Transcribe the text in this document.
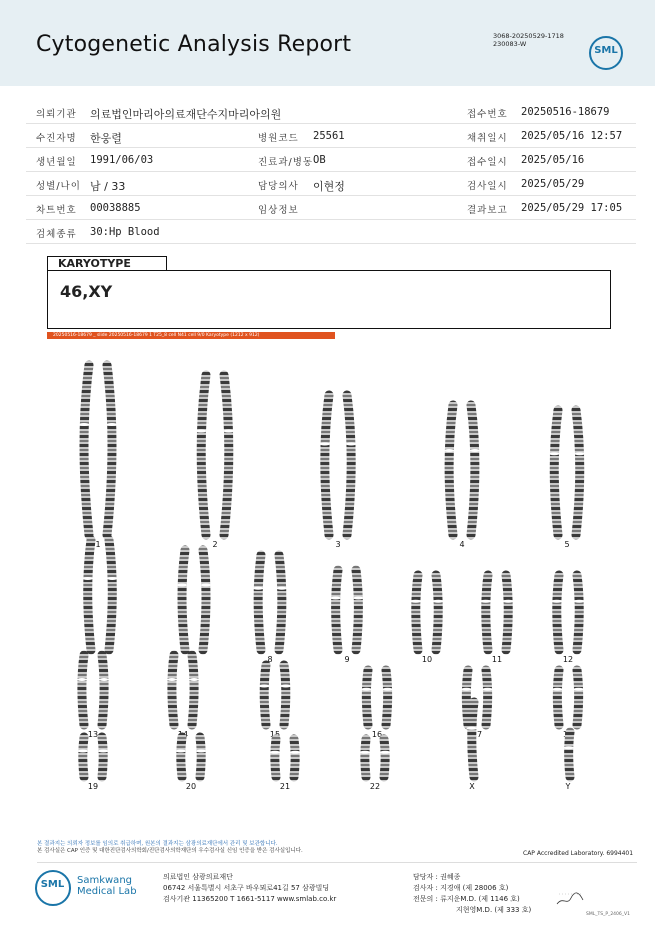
Cytogenetic Analysis Report	3068-20250529-1718
230083-W
SML
의뢰기관 의료법인마리아의료재단수지마리아의원	접수번호 20250516-18679
수진자명 한웅렬	병원코드 25561	채취일시 2025/05/16 12:57
생년월일 1991/06/03	진료과/병동 OB	접수일시 2025/05/16
성별/나이 남 / 33	담당의사 이현정	검사일시 2025/05/29
차트번호 00038885	임상정보	결과보고 2025/05/29 17:05
검체종류 30:Hp Blood
KARYOTYPE
46,XY
20250516-18679 _ slide 20250516-18679 1 T25_8 cell N41 cell 9/0 Karyotype (1212 x 912)
1	2	3	4	5
6	7	8	9	10	11	12
13	14	15	16	17	18
19	20	21	22	X	Y
본 결과지는 의뢰자 정보를 임의로 취급하며, 원본의 결과지는 삼광의료재단에서 관리 및 보관합니다.
본 검사실은 CAP 인증 및 대한진단검사의학회/진단검사의학재단의 우수검사실 신임 인증을 받은 검사실입니다.	CAP Accredited Laboratory. 6994401
SML	Samkwang
Medical Lab
의료법인 삼광의료재단
06742 서울특별시 서초구 바우뫼로41길 57 삼광빌딩
검사기관 11365200 T 1661-5117 www.smlab.co.kr
담당자 : 권혜종
검사자 : 지경애 (제 28006 호)
전문의 : 류지운M.D. (제 1146 호)
지현영M.D. (제 333 호)
SML_TS_P_2406_V1
